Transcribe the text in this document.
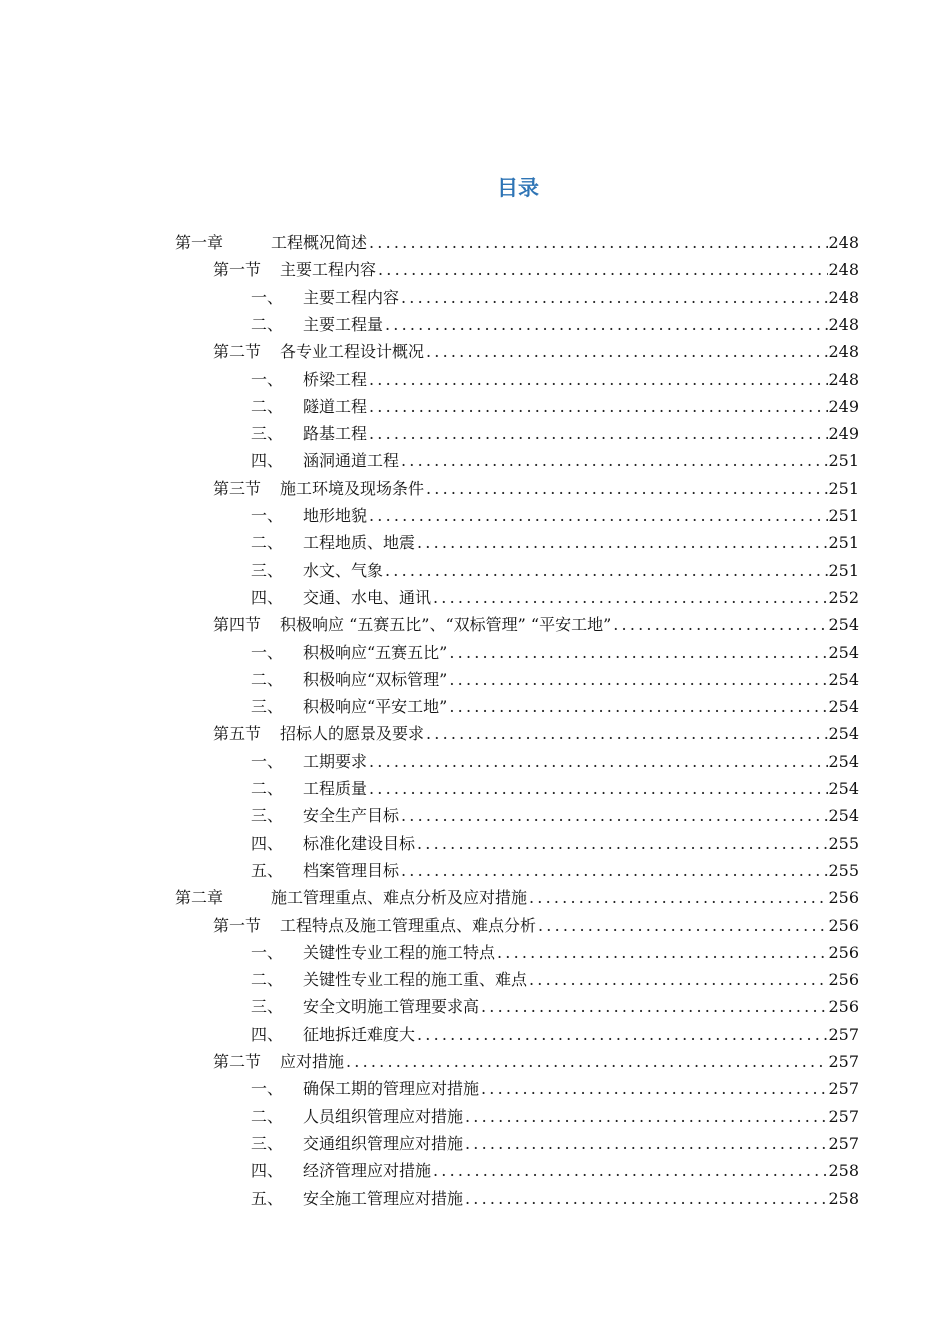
目录
第一章	工程概况简述 .....	248
第一节 主要工程内容 .....	248
一、 主要工程内容 .....	248
二、 主要工程量 .....	248
第二节 各专业工程设计概况 .....	248
一、 桥梁工程 .....	248
二、 隧道工程 .....	249
三、 路基工程 .....	249
四、 涵洞通道工程 .....	251
第三节 施工环境及现场条件 .....	251
一、 地形地貌 .....	251
二、 工程地质、地震 .....	251
三、 水文、气象 .....	251
四、 交通、水电、通讯 .....	252
第四节 积极响应 “五赛五比”、“双标管理” “平安工地” .....	254
一、 积极响应“五赛五比” .....	254
二、 积极响应“双标管理” .....	254
三、 积极响应“平安工地” .....	254
第五节 招标人的愿景及要求 .....	254
一、 工期要求 .....	254
二、 工程质量 .....	254
三、 安全生产目标 .....	254
四、 标准化建设目标 .....	255
五、 档案管理目标 .....	255
第二章	施工管理重点、难点分析及应对措施 .....	256
第一节 工程特点及施工管理重点、难点分析 .....	256
一、 关键性专业工程的施工特点 .....	256
二、 关键性专业工程的施工重、难点 .....	256
三、 安全文明施工管理要求高 .....	256
四、 征地拆迁难度大 .....	257
第二节 应对措施 .....	257
一、 确保工期的管理应对措施 .....	257
二、 人员组织管理应对措施 .....	257
三、 交通组织管理应对措施 .....	257
四、 经济管理应对措施 .....	258
五、 安全施工管理应对措施 .....	258
